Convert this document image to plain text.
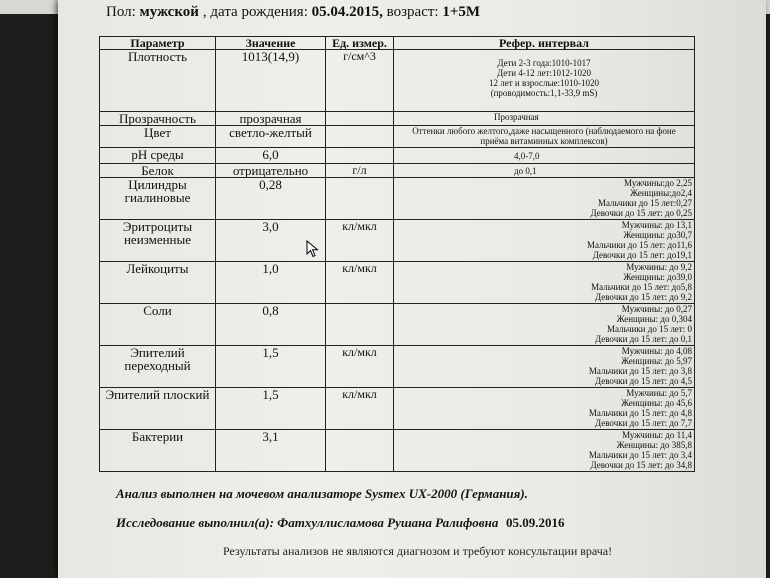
Пол: мужской , дата рождения: 05.04.2015, возраст: 1+5М
Параметр	Значение	Ед. измер.	Рефер. интервал
Плотность	1013(14,9)	г/см^3	Дети 2-3 года:1010-1017
Дети 4-12 лет:1012-1020
12 лет и взрослые:1010-1020
(проводимость:1,1-33,9 mS)

Прозрачность	прозрачная		Прозрачная

Цвет	светло-желтый		Оттенки любого желтого,даже насыщенного (наблюдаемого на фоне
приёма витаминных комплексов)

pH среды	6,0		4,0-7,0

Белок	отрицательно	г/л	до 0,1

Цилиндры гиалиновые	0,28		Мужчины:до 2,25
Женщины:до2,4
Мальчики до 15 лет:0,27
Девочки до 15 лет: до 0,25

Эритроциты неизменные	3,0	кл/мкл	Мужчины: до 13,1
Женщины: до30,7
Мальчики до 15 лет: до11,6
Девочки до 15 лет: до19,1

Лейкоциты	1,0	кл/мкл	Мужчины: до 9,2
Женщины: до39,0
Мальчики до 15 лет: до5,8
Девочки до 15 лет: до 9,2

Соли	0,8		Мужчины: до 0,27
Женщины: до 0,304
Мальчики до 15 лет: 0
Девочки до 15 лет: до 0,1

Эпителий переходный	1,5	кл/мкл	Мужчины: до 4,08
Женщины: до 5,97
Мальчики до 15 лет: до 3,8
Девочки до 15 лет: до 4,5

Эпителий плоский	1,5	кл/мкл	Мужчины: до 5,7
Женщины: до 45,6
Мальчики до 15 лет: до 4,8
Девочки до 15 лет: до 7,7

Бактерии	3,1		Мужчины: до 11,4
Женщины: до 385,8
Мальчики до 15 лет: до 3,4
Девочки до 15 лет: до 34,8
Анализ выполнен на мочевом анализаторе Sysmex UX-2000 (Германия).
Исследование выполнил(а): Фатхуллисламова Рушана Ралифовна 05.09.2016
Результаты анализов не являются диагнозом и требуют консультации врача!
